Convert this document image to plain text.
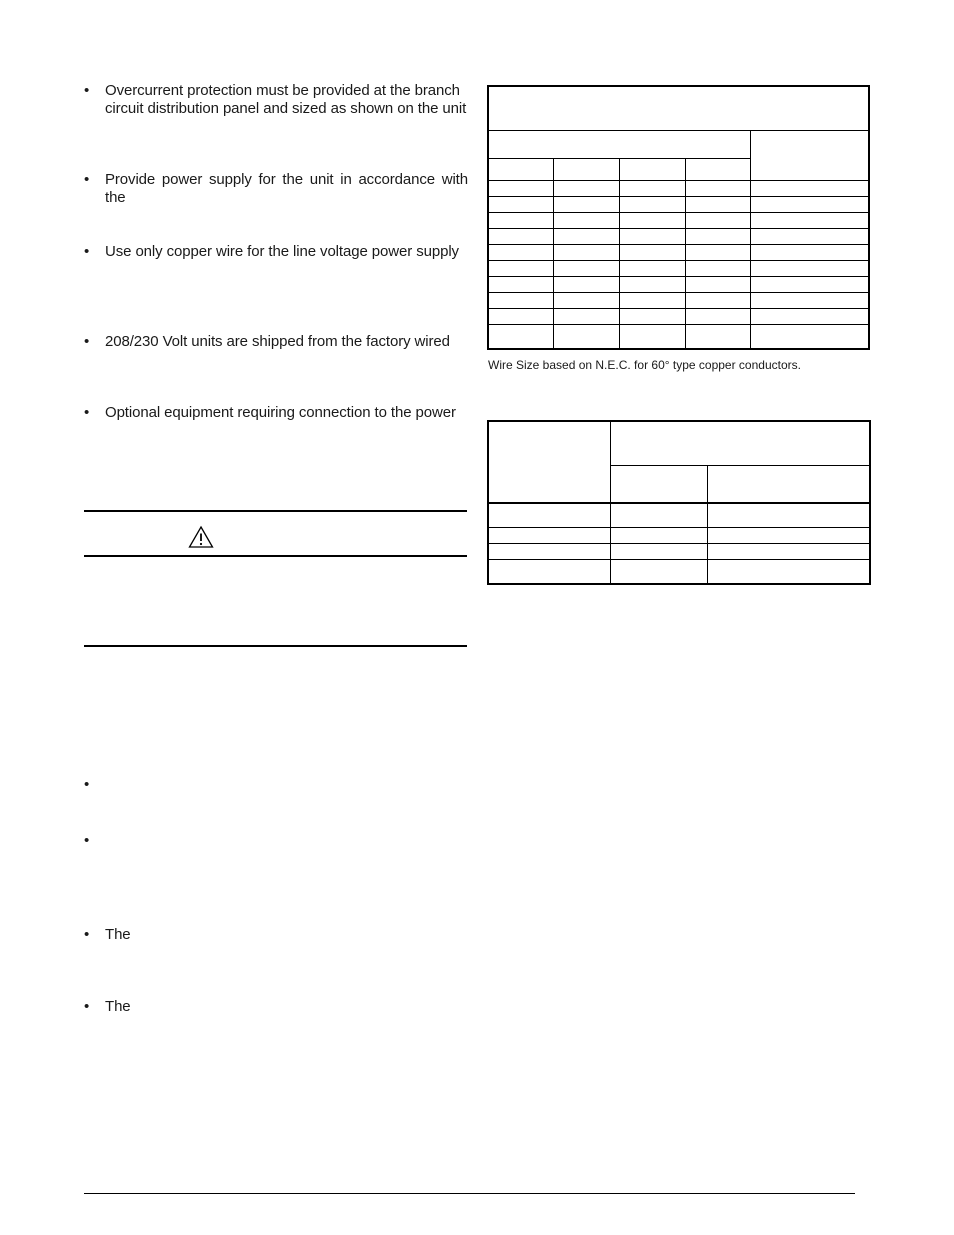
• Overcurrent protection must be provided at the branch
circuit distribution panel and sized as shown on the unit
• Provide power supply for the unit in accordance with the
• Use only copper wire for the line voltage power supply
• 208/230 Volt units are shipped from the factory wired
• Optional equipment requiring connection to the power
•
•
• The
• The

Wire Size based on N.E.C. for 60° type copper conductors.
